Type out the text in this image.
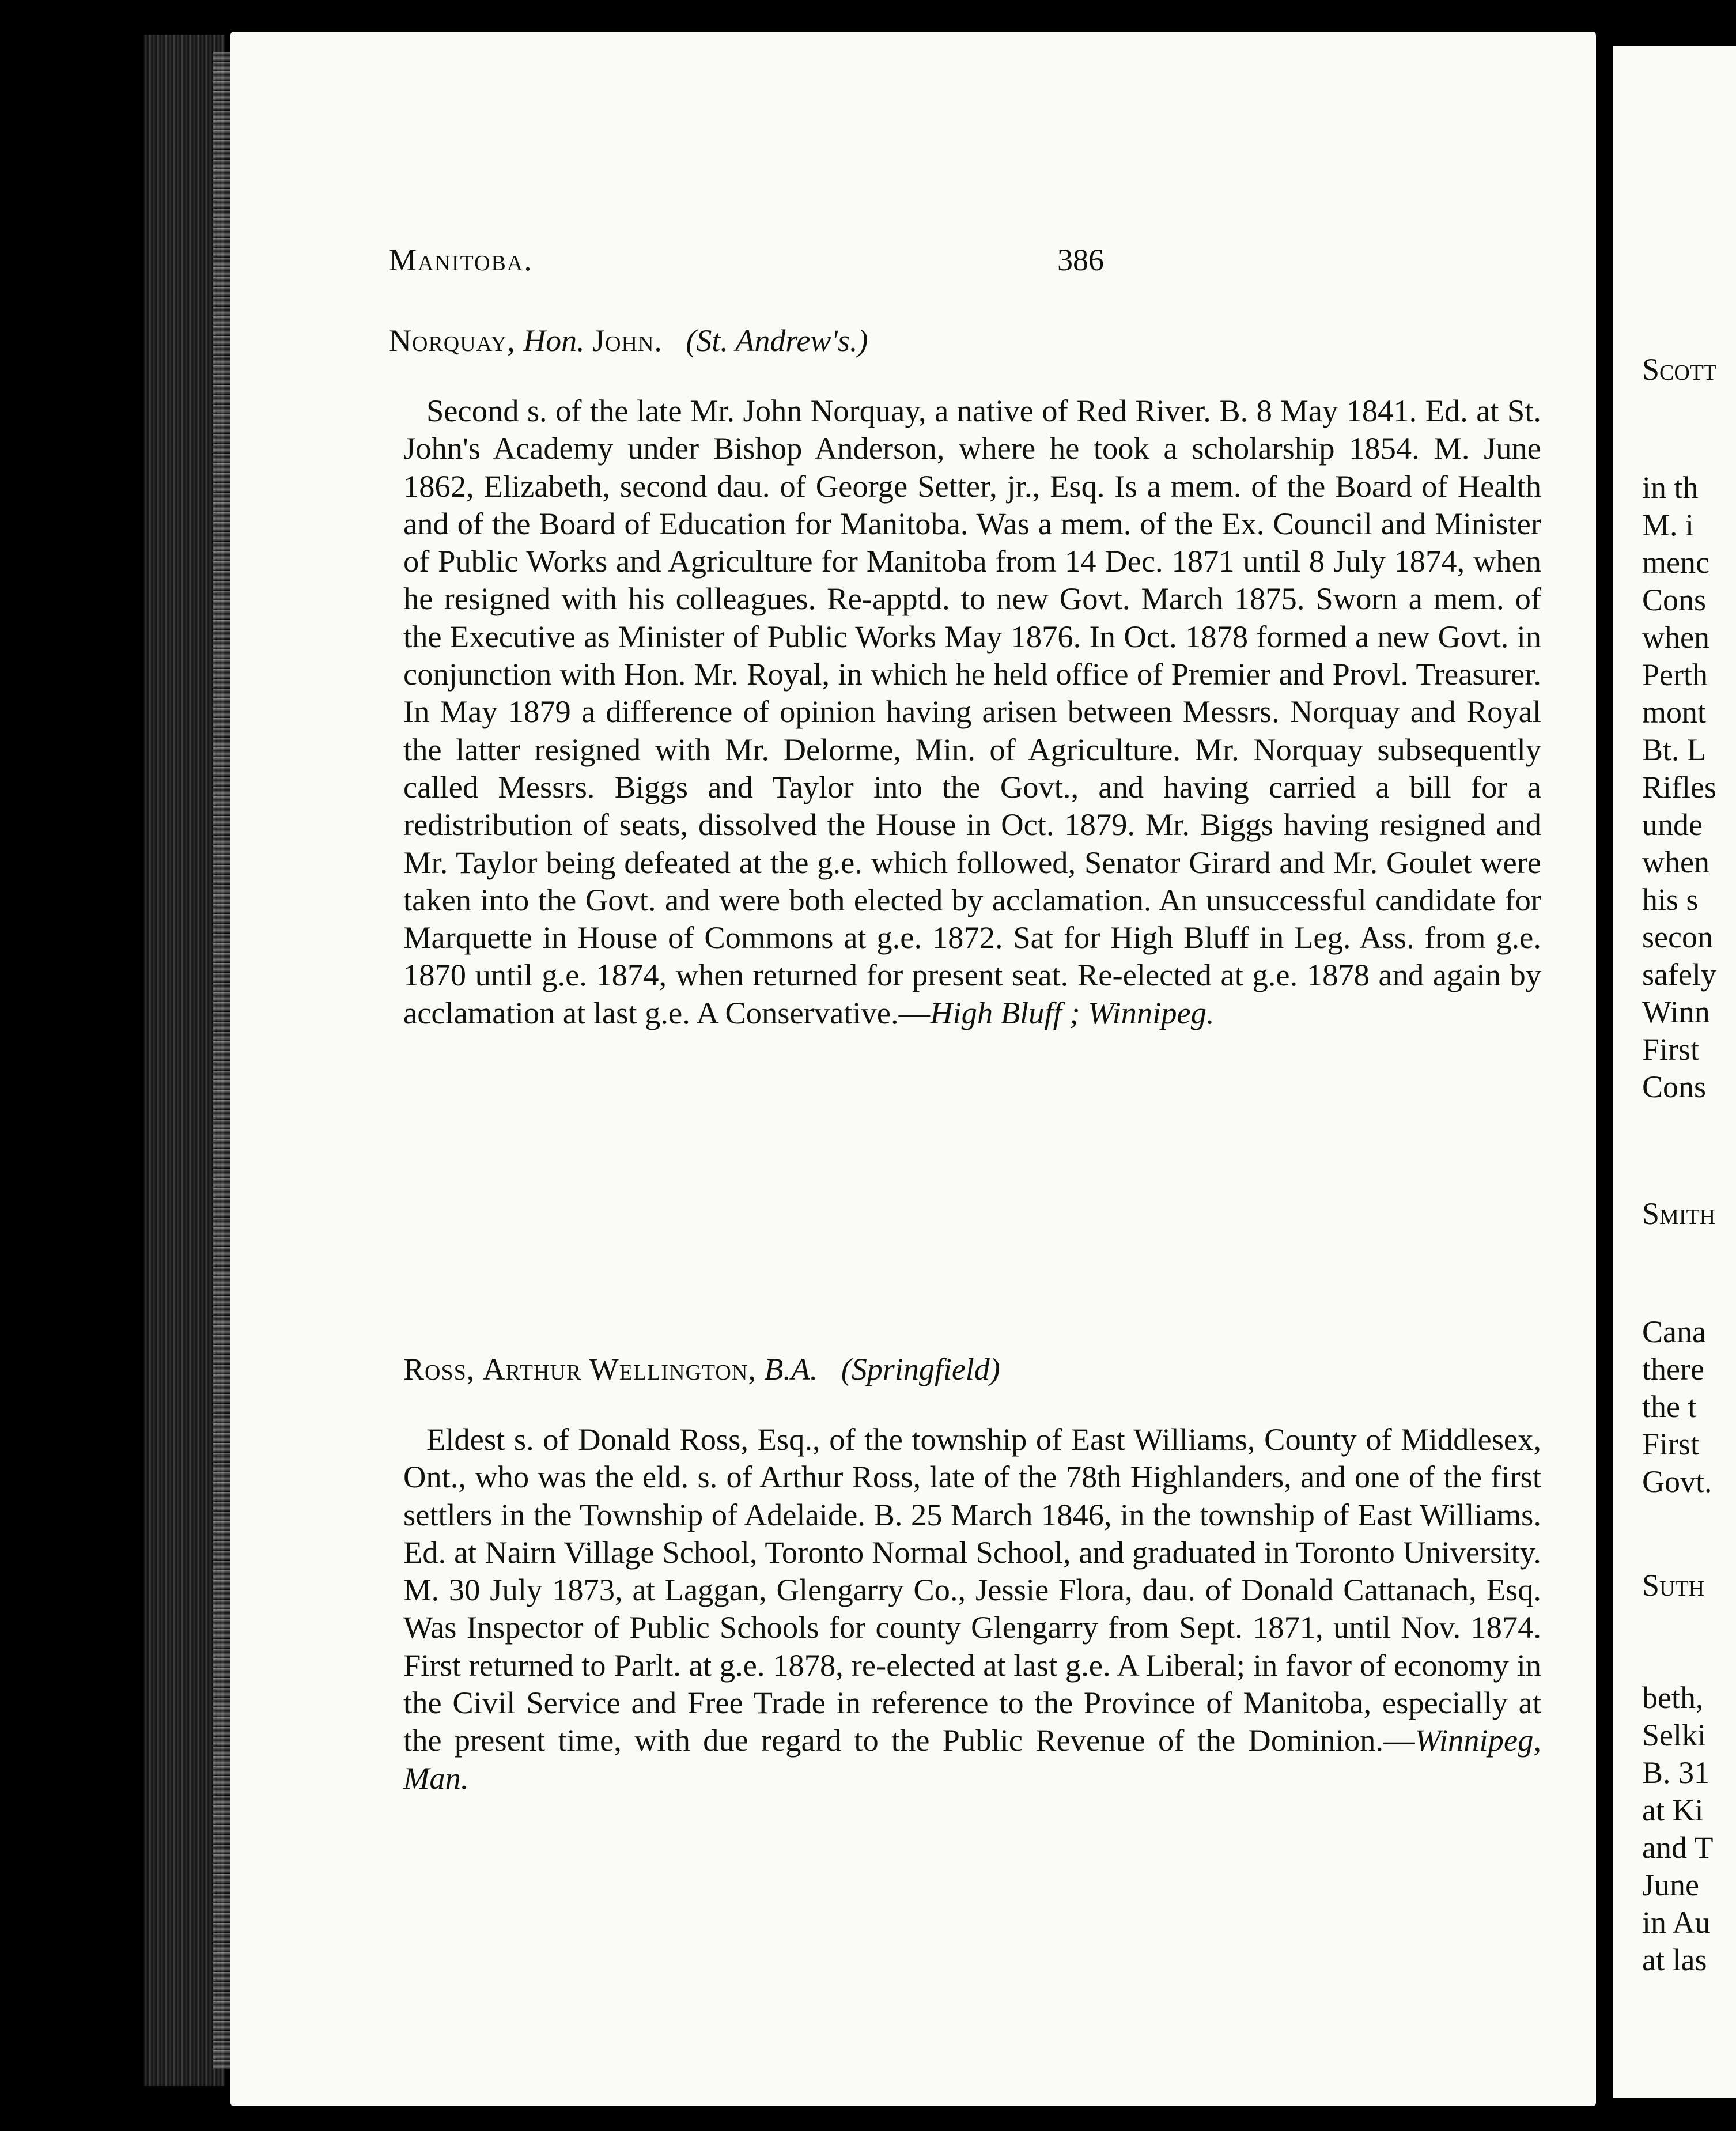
Manitoba.	386
Norquay, Hon. John. (St. Andrew's.)

Second s. of the late Mr. John Norquay, a native of Red River. B. 8 May 1841. Ed. at St. John's Academy under Bishop Anderson, where he took a scholarship 1854. M. June 1862, Elizabeth, second dau. of George Setter, jr., Esq. Is a mem. of the Board of Health and of the Board of Education for Manitoba. Was a mem. of the Ex. Council and Minister of Public Works and Agriculture for Manitoba from 14 Dec. 1871 until 8 July 1874, when he resigned with his colleagues. Re-apptd. to new Govt. March 1875. Sworn a mem. of the Executive as Minister of Public Works May 1876. In Oct. 1878 formed a new Govt. in conjunction with Hon. Mr. Royal, in which he held office of Premier and Provl. Treasurer. In May 1879 a difference of opinion having arisen between Messrs. Norquay and Royal the latter resigned with Mr. Delorme, Min. of Agriculture. Mr. Norquay subsequently called Messrs. Biggs and Taylor into the Govt., and having carried a bill for a redistribution of seats, dissolved the House in Oct. 1879. Mr. Biggs having resigned and Mr. Taylor being defeated at the g.e. which followed, Senator Girard and Mr. Goulet were taken into the Govt. and were both elected by acclamation. An unsuccessful candidate for Marquette in House of Commons at g.e. 1872. Sat for High Bluff in Leg. Ass. from g.e. 1870 until g.e. 1874, when returned for present seat. Re-elected at g.e. 1878 and again by acclamation at last g.e. A Conservative.—High Bluff ; Winnipeg.

Ross, Arthur Wellington, B.A. (Springfield)

Eldest s. of Donald Ross, Esq., of the township of East Williams, County of Middlesex, Ont., who was the eld. s. of Arthur Ross, late of the 78th Highlanders, and one of the first settlers in the Township of Adelaide. B. 25 March 1846, in the township of East Williams. Ed. at Nairn Village School, Toronto Normal School, and graduated in Toronto University. M. 30 July 1873, at Laggan, Glengarry Co., Jessie Flora, dau. of Donald Cattanach, Esq. Was Inspector of Public Schools for county Glengarry from Sept. 1871, until Nov. 1874. First returned to Parlt. at g.e. 1878, re-elected at last g.e. A Liberal; in favor of economy in the Civil Service and Free Trade in reference to the Province of Manitoba, especially at the present time, with due regard to the Public Revenue of the Dominion.—Winnipeg, Man.

Scott
in th
M. i
menc
Cons
when
Perth
mont
Bt. L
Rifles
unde
when
his s
secon
safely
Winn
First
Cons
Smith
Cana
there
the t
First
Govt.
Suth
beth,
Selki
B. 31
at Ki
and T
June
in Au
at las
